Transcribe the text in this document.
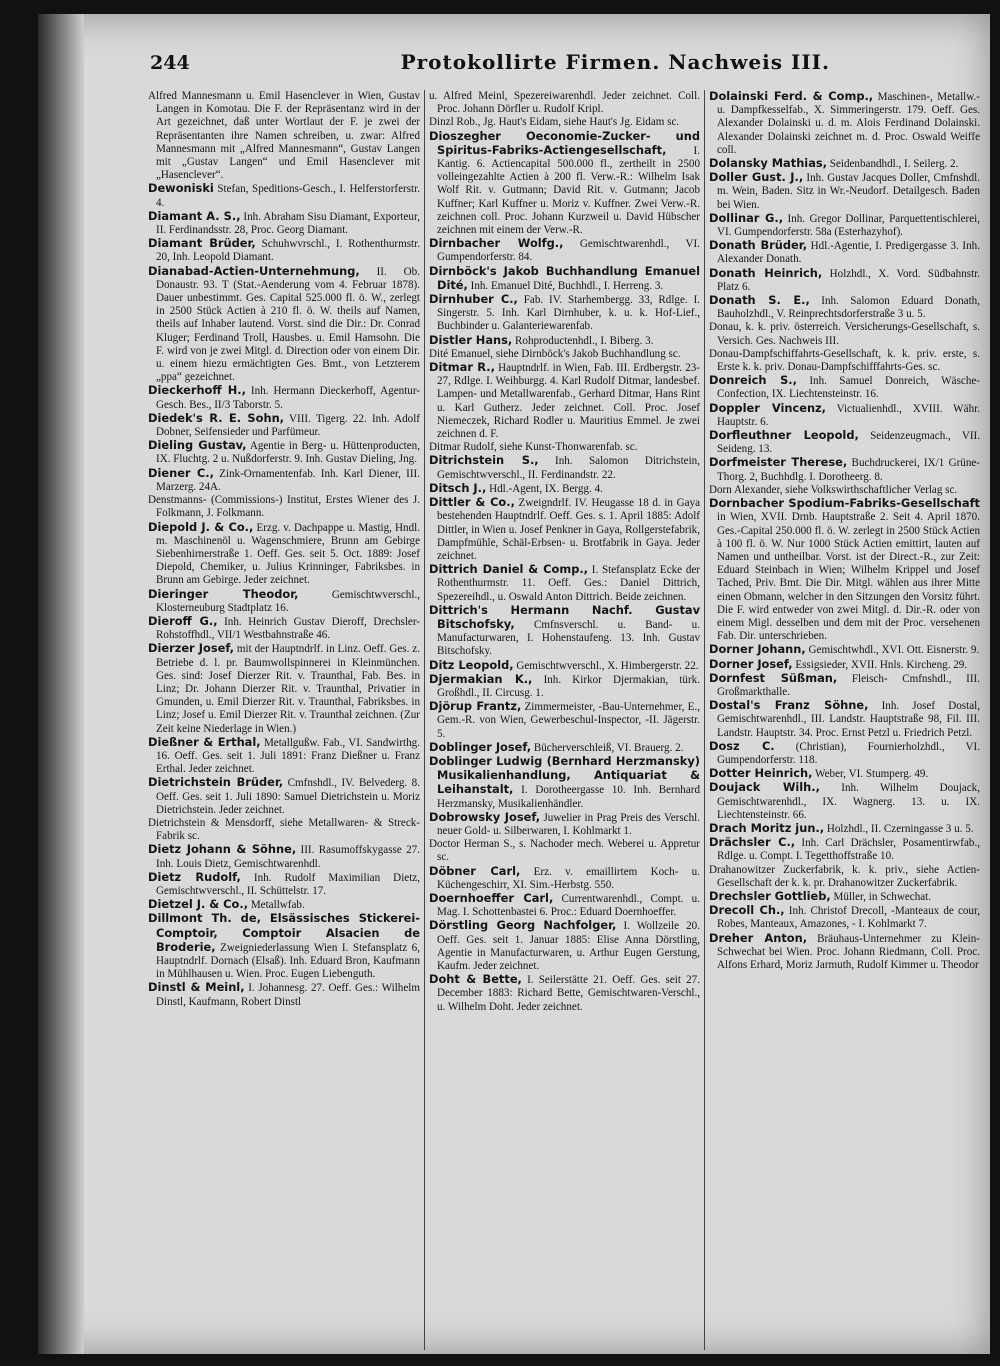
244	Protokollirte Firmen. Nachweis III.
Alfred Mannesmann u. Emil Hasenclever in Wien, Gustav Langen in Komotau. Die F. der Repräsentanz wird in der Art gezeichnet, daß unter Wortlaut der F. je zwei der Repräsentanten ihre Namen schreiben, u. zwar: Alfred Mannesmann mit „Alfred Mannesmann“, Gustav Langen mit „Gustav Langen“ und Emil Hasenclever mit „Hasenclever“.
Dewoniski Stefan, Speditions-Gesch., I. Helferstorferstr. 4.
Diamant A. S., Inh. Abraham Sisu Diamant, Exporteur, II. Ferdinandsstr. 28, Proc. Georg Diamant.
Diamant Brüder, Schuhwvrschl., I. Rothenthurmstr. 20, Inh. Leopold Diamant.
Dianabad-Actien-Unternehmung, II. Ob. Donaustr. 93. T (Stat.-Aenderung vom 4. Februar 1878). Dauer unbestimmt. Ges. Capital 525.000 fl. ö. W., zerlegt in 2500 Stück Actien à 210 fl. ö. W. theils auf Namen, theils auf Inhaber lautend. Vorst. sind die Dir.: Dr. Conrad Kluger; Ferdinand Troll, Hausbes. u. Emil Hamsohn. Die F. wird von je zwei Mitgl. d. Direction oder von einem Dir. u. einem hiezu ermächtigten Ges. Bmt., von Letzterem „ppa“ gezeichnet.
Dieckerhoff H., Inh. Hermann Dieckerhoff, Agentur-Gesch. Bes., II/3 Taborstr. 5.
Diedek's R. E. Sohn, VIII. Tigerg. 22. Inh. Adolf Dobner, Seifensieder und Parfümeur.
Dieling Gustav, Agentie in Berg- u. Hüttenproducten, IX. Fluchtg. 2 u. Nußdorferstr. 9. Inh. Gustav Dieling, Jng.
Diener C., Zink-Ornamentenfab. Inh. Karl Diener, III. Marzerg. 24A.
Denstmanns- (Commissions-) Institut, Erstes Wiener des J. Folkmann, J. Folkmann.
Diepold J. & Co., Erzg. v. Dachpappe u. Mastig, Hndl. m. Maschinenöl u. Wagenschmiere, Brunn am Gebirge Siebenhirnerstraße 1. Oeff. Ges. seit 5. Oct. 1889: Josef Diepold, Chemiker, u. Julius Krinninger, Fabriksbes. in Brunn am Gebirge. Jeder zeichnet.
Dieringer Theodor,	Gemischtwverschl., Klosterneuburg Stadtplatz 16.
Dieroff G., Inh. Heinrich Gustav Dieroff, Drechsler- Rohstoffhdl., VII/1 Westbahnstraße 46.
Dierzer Josef, mit der Hauptndrlf. in Linz. Oeff. Ges. z. Betriebe d. l. pr. Baumwollspinnerei in Kleinmünchen. Ges. sind: Josef Dierzer Rit. v. Traunthal, Fab. Bes. in Linz; Dr. Johann Dierzer Rit. v. Traunthal, Privatier in Gmunden, u. Emil Dierzer Rit. v. Traunthal, Fabriksbes. in Linz; Josef u. Emil Dierzer Rit. v. Traunthal zeichnen. (Zur Zeit keine Niederlage in Wien.)
Dießner & Erthal, Metallgußw. Fab., VI. Sandwirthg. 16. Oeff. Ges. seit 1. Juli 1891: Franz Dießner u. Franz Erthal. Jeder zeichnet.
Dietrichstein Brüder, Cmfnshdl., IV. Belvederg. 8. Oeff. Ges. seit 1. Juli 1890: Samuel Dietrichstein u. Moriz Dietrichstein. Jeder zeichnet.
Dietrichstein & Mensdorff, siehe Metallwaren- & Streck-Fabrik sc.
Dietz Johann & Söhne, III. Rasumoffskygasse 27. Inh. Louis Dietz, Gemischtwarenhdl.
Dietz Rudolf, Inh. Rudolf Maximilian Dietz, Gemischtwverschl., II. Schüttelstr. 17.
Dietzel J. & Co., Metallwfab.
Dillmont Th. de, Elsässisches Stickerei-Comptoir, Comptoir Alsacien de Broderie, Zweigniederlassung Wien I. Stefansplatz 6, Hauptndrlf. Dornach (Elsaß). Inh. Eduard Bron, Kaufmann in Mühlhausen u. Wien. Proc. Eugen Liebenguth.
Dinstl & Meinl, I. Johannesg. 27. Oeff. Ges.: Wilhelm Dinstl, Kaufmann, Robert Dinstl
u. Alfred Meinl, Spezereiwarenhdl. Jeder zeichnet. Coll. Proc. Johann Dörfler u. Rudolf Kripl.
Dinzl Rob., Jg. Haut's Eidam, siehe Haut's Jg. Eidam sc.
Dioszegher Oeconomie-Zucker- und Spiritus-Fabriks-Actiengesellschaft, I. Kantig. 6. Actiencapital 500.000 fl., zertheilt in 2500 volleingezahlte Actien à 200 fl. Verw.-R.: Wilhelm Isak Wolf Rit. v. Gutmann; David Rit. v. Gutmann; Jacob Kuffner; Karl Kuffner u. Moriz v. Kuffner. Zwei Verw.-R. zeichnen coll. Proc. Johann Kurzweil u. David Hübscher zeichnen mit einem der Verw.-R.
Dirnbacher Wolfg., Gemischtwarenhdl., VI. Gumpendorferstr. 84.
Dirnböck's Jakob Buchhandlung Emanuel Dité, Inh. Emanuel Dité, Buchhdl., I. Herreng. 3.
Dirnhuber C., Fab. IV. Starhembergg. 33, Rdlge. I. Singerstr. 5. Inh. Karl Dirnhuber, k. u. k. Hof-Lief., Buchbinder u. Galanteriewarenfab.
Distler Hans, Rohproductenhdl., I. Biberg. 3.
Dité Emanuel, siehe Dirnböck's Jakob Buchhandlung sc.
Ditmar R., Hauptndrlf. in Wien, Fab. III. Erdbergstr. 23-27, Rdlge. I. Weihburgg. 4. Karl Rudolf Ditmar, landesbef. Lampen- und Metallwarenfab., Gerhard Ditmar, Hans Rint u. Karl Gutherz. Jeder zeichnet. Coll. Proc. Josef Niemeczek, Richard Rodler u. Mauritius Emmel. Je zwei zeichnen d. F.
Ditmar Rudolf, siehe Kunst-Thonwarenfab. sc.
Ditrichstein S., Inh. Salomon Ditrichstein, Gemischtwverschl., II. Ferdinandstr. 22.
Ditsch J., Hdl.-Agent, IX. Bergg. 4.
Dittler & Co., Zweigndrlf. IV. Heugasse 18 d. in Gaya bestehenden Hauptndrlf. Oeff. Ges. s. 1. April 1885: Adolf Dittler, in Wien u. Josef Penkner in Gaya, Rollgerstefabrik, Dampfmühle, Schäl-Erbsen- u. Brotfabrik in Gaya. Jeder zeichnet.
Dittrich Daniel & Comp., I. Stefansplatz Ecke der Rothenthurmstr. 11. Oeff. Ges.: Daniel Dittrich, Spezereihdl., u. Oswald Anton Dittrich. Beide zeichnen.
Dittrich's Hermann Nachf. Gustav Bitschofsky, Cmfnsverschl. u. Band- u. Manufacturwaren, I. Hohenstaufeng. 13. Inh. Gustav Bitschofsky.
Ditz Leopold, Gemischtwverschl., X. Himbergerstr. 22.
Djermakian K., Inh. Kirkor Djermakian, türk. Großhdl., II. Circusg. 1.
Djörup Frantz, Zimmermeister, -Bau-Unternehmer, E., Gem.-R. von Wien, Gewerbeschul-Inspector, -II. Jägerstr. 5.
Doblinger Josef, Bücherverschleiß, VI. Brauerg. 2.
Doblinger Ludwig (Bernhard Herzmansky) Musikalienhandlung, Antiquariat & Leihanstalt, I. Dorotheergasse 10. Inh. Bernhard Herzmansky, Musikalienhändler.
Dobrowsky Josef, Juwelier in Prag Preis des Verschl. neuer Gold- u. Silberwaren, I. Kohlmarkt 1.
Doctor Herman S., s. Nachoder mech. Weberei u. Appretur sc.
Döbner Carl, Erz. v. emaillirtem Koch- u. Küchengeschirr, XI. Sim.-Herbstg. 550.
Doernhoeffer Carl, Currentwarenhdl., Compt. u. Mag. I. Schottenbastei 6. Proc.: Eduard Doernhoeffer.
Dörstling Georg Nachfolger, I. Wollzeile 20. Oeff. Ges. seit 1. Januar 1885: Elise Anna Dörstling, Agentie in Manufacturwaren, u. Arthur Eugen Gerstung, Kaufm. Jeder zeichnet.
Doht & Bette, I. Seilerstätte 21. Oeff. Ges. seit 27. December 1883: Richard Bette, Gemischtwaren-Verschl., u. Wilhelm Doht. Jeder zeichnet.
Dolainski Ferd. & Comp., Maschinen-, Metallw.- u. Dampfkesselfab., X. Simmeringerstr. 179. Oeff. Ges. Alexander Dolainski u. d. m. Alois Ferdinand Dolainski. Alexander Dolainski zeichnet m. d. Proc. Oswald Weiffe coll.
Dolansky Mathias, Seidenbandhdl., I. Seilerg. 2.
Doller Gust. J., Inh. Gustav Jacques Doller, Cmfnshdl. m. Wein, Baden. Sitz in Wr.-Neudorf. Detailgesch. Baden bei Wien.
Dollinar G., Inh. Gregor Dollinar, Parquettentischlerei, VI. Gumpendorferstr. 58a (Esterhazyhof).
Donath Brüder, Hdl.-Agentie, I. Predigergasse 3. Inh. Alexander Donath.
Donath Heinrich, Holzhdl., X. Vord. Südbahnstr. Platz 6.
Donath S. E., Inh. Salomon Eduard Donath, Bauholzhdl., V. Reinprechtsdorferstraße 3 u. 5.
Donau, k. k. priv. österreich. Versicherungs-Gesellschaft, s. Versich. Ges. Nachweis III.
Donau-Dampfschiffahrts-Gesellschaft, k. k. priv. erste, s. Erste k. k. priv. Donau-Dampfschifffahrts-Ges. sc.
Donreich S., Inh. Samuel Donreich, Wäsche-Confection, IX. Liechtensteinstr. 16.
Doppler Vincenz, Victualienhdl., XVIII. Währ. Hauptstr. 6.
Dorfleuthner Leopold, Seidenzeugmach., VII. Seideng. 13.
Dorfmeister Therese, Buchdruckerei, IX/1 Grüne-Thorg. 2, Buchhdlg. I. Dorotheerg. 8.
Dorn Alexander, siehe Volkswirthschaftlicher Verlag sc.
Dornbacher Spodium-Fabriks-Gesellschaft in Wien, XVII. Drnb. Hauptstraße 2. Seit 4. April 1870. Ges.-Capital 250.000 fl. ö. W. zerlegt in 2500 Stück Actien à 100 fl. ö. W. Nur 1000 Stück Actien emittirt, lauten auf Namen und untheilbar. Vorst. ist der Direct.-R., zur Zeit: Eduard Steinbach in Wien; Wilhelm Krippel und Josef Tached, Priv. Bmt. Die Dir. Mitgl. wählen aus ihrer Mitte einen Obmann, welcher in den Sitzungen den Vorsitz führt. Die F. wird entweder von zwei Mitgl. d. Dir.-R. oder von einem Migl. desselben und dem mit der Proc. versehenen Fab. Dir. unterschrieben.
Dorner Johann, Gemischtwhdl., XVI. Ott. Eisnerstr. 9.
Dorner Josef, Essigsieder, XVII. Hnls. Kircheng. 29.
Dornfest Süßman, Fleisch- Cmfnshdl., III. Großmarkthalle.
Dostal's Franz Söhne, Inh. Josef Dostal, Gemischtwarenhdl., III. Landstr. Hauptstraße 98, Fil. III. Landstr. Hauptstr. 34. Proc. Ernst Petzl u. Friedrich Petzl.
Dosz C. (Christian), Fournierholzhdl., VI. Gumpendorferstr. 118.
Dotter Heinrich, Weber, VI. Stumperg. 49.
Doujack Wilh., Inh. Wilhelm Doujack, Gemischtwarenhdl., IX. Wagnerg. 13. u. IX. Liechtensteinstr. 66.
Drach Moritz jun., Holzhdl., II. Czerningasse 3 u. 5.
Drächsler C., Inh. Carl Drächsler, Posamentirwfab., Rdlge. u. Compt. I. Tegetthoffstraße 10.
Drahanowitzer Zuckerfabrik, k. k. priv., siehe Actien-Gesellschaft der k. k. pr. Drahanowitzer Zuckerfabrik.
Drechsler Gottlieb, Müller, in Schwechat.
Drecoll Ch., Inh. Christof Drecoll, -Manteaux de cour, Robes, Manteaux, Amazones, - I. Kohlmarkt 7.
Dreher Anton, Bräuhaus-Unternehmer zu Klein-Schwechat bei Wien. Proc. Johann Riedmann, Coll. Proc. Alfons Erhard, Moriz Jarmuth, Rudolf Kimmer u. Theodor
